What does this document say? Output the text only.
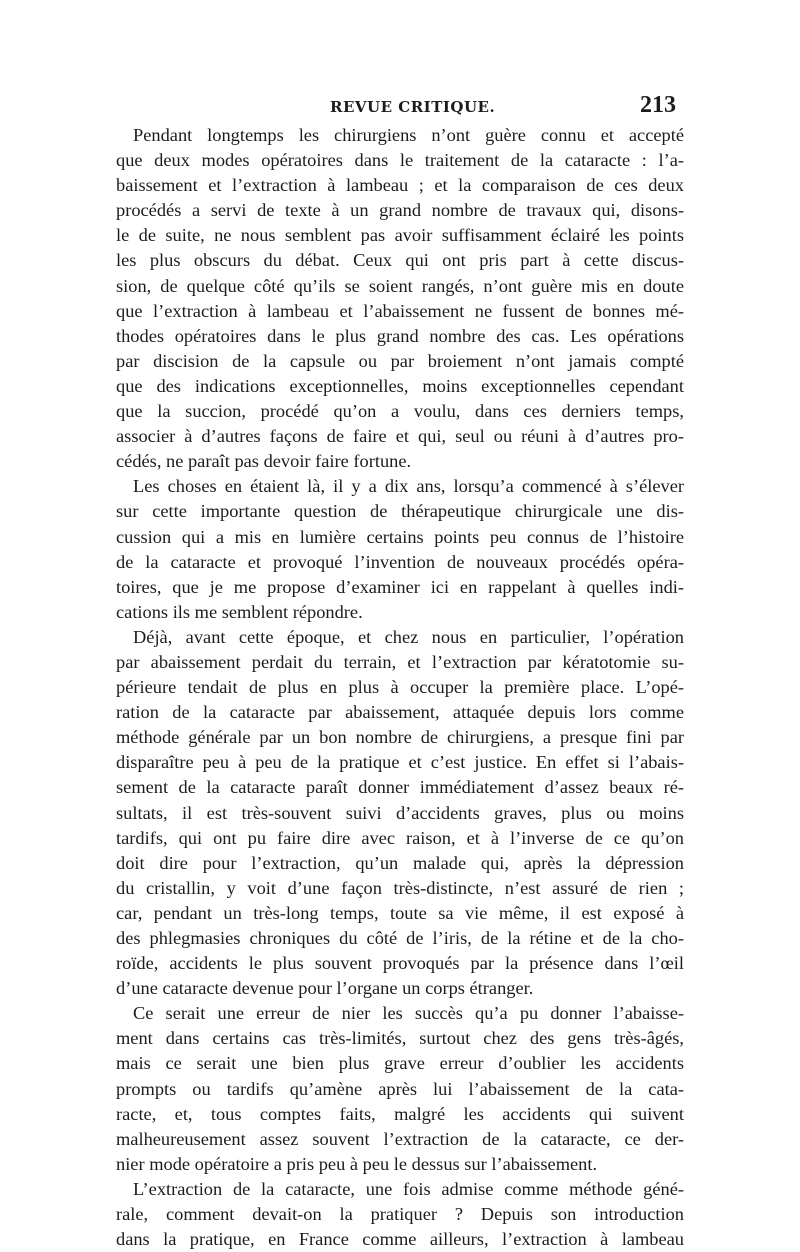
REVUE CRITIQUE.	213
Pendant longtemps les chirurgiens n’ont guère connu et accepté
que deux modes opératoires dans le traitement de la cataracte : l’a-
baissement et l’extraction à lambeau ; et la comparaison de ces deux
procédés a servi de texte à un grand nombre de travaux qui, disons-
le de suite, ne nous semblent pas avoir suffisamment éclairé les points
les plus obscurs du débat. Ceux qui ont pris part à cette discus-
sion, de quelque côté qu’ils se soient rangés, n’ont guère mis en doute
que l’extraction à lambeau et l’abaissement ne fussent de bonnes mé-
thodes opératoires dans le plus grand nombre des cas. Les opérations
par discision de la capsule ou par broiement n’ont jamais compté
que des indications exceptionnelles, moins exceptionnelles cependant
que la succion, procédé qu’on a voulu, dans ces derniers temps,
associer à d’autres façons de faire et qui, seul ou réuni à d’autres pro-
cédés, ne paraît pas devoir faire fortune.
Les choses en étaient là, il y a dix ans, lorsqu’a commencé à s’élever
sur cette importante question de thérapeutique chirurgicale une dis-
cussion qui a mis en lumière certains points peu connus de l’histoire
de la cataracte et provoqué l’invention de nouveaux procédés opéra-
toires, que je me propose d’examiner ici en rappelant à quelles indi-
cations ils me semblent répondre.
Déjà, avant cette époque, et chez nous en particulier, l’opération
par abaissement perdait du terrain, et l’extraction par kératotomie su-
périeure tendait de plus en plus à occuper la première place. L’opé-
ration de la cataracte par abaissement, attaquée depuis lors comme
méthode générale par un bon nombre de chirurgiens, a presque fini par
disparaître peu à peu de la pratique et c’est justice. En effet si l’abais-
sement de la cataracte paraît donner immédiatement d’assez beaux ré-
sultats, il est très-souvent suivi d’accidents graves, plus ou moins
tardifs, qui ont pu faire dire avec raison, et à l’inverse de ce qu’on
doit dire pour l’extraction, qu’un malade qui, après la dépression
du cristallin, y voit d’une façon très-distincte, n’est assuré de rien ;
car, pendant un très-long temps, toute sa vie même, il est exposé à
des phlegmasies chroniques du côté de l’iris, de la rétine et de la cho-
roïde, accidents le plus souvent provoqués par la présence dans l’œil
d’une cataracte devenue pour l’organe un corps étranger.
Ce serait une erreur de nier les succès qu’a pu donner l’abaisse-
ment dans certains cas très-limités, surtout chez des gens très-âgés,
mais ce serait une bien plus grave erreur d’oublier les accidents
prompts ou tardifs qu’amène après lui l’abaissement de la cata-
racte, et, tous comptes faits, malgré les accidents qui suivent
malheureusement assez souvent l’extraction de la cataracte, ce der-
nier mode opératoire a pris peu à peu le dessus sur l’abaissement.
L’extraction de la cataracte, une fois admise comme méthode géné-
rale, comment devait-on la pratiquer ? Depuis son introduction
dans la pratique, en France comme ailleurs, l’extraction à lambeau
